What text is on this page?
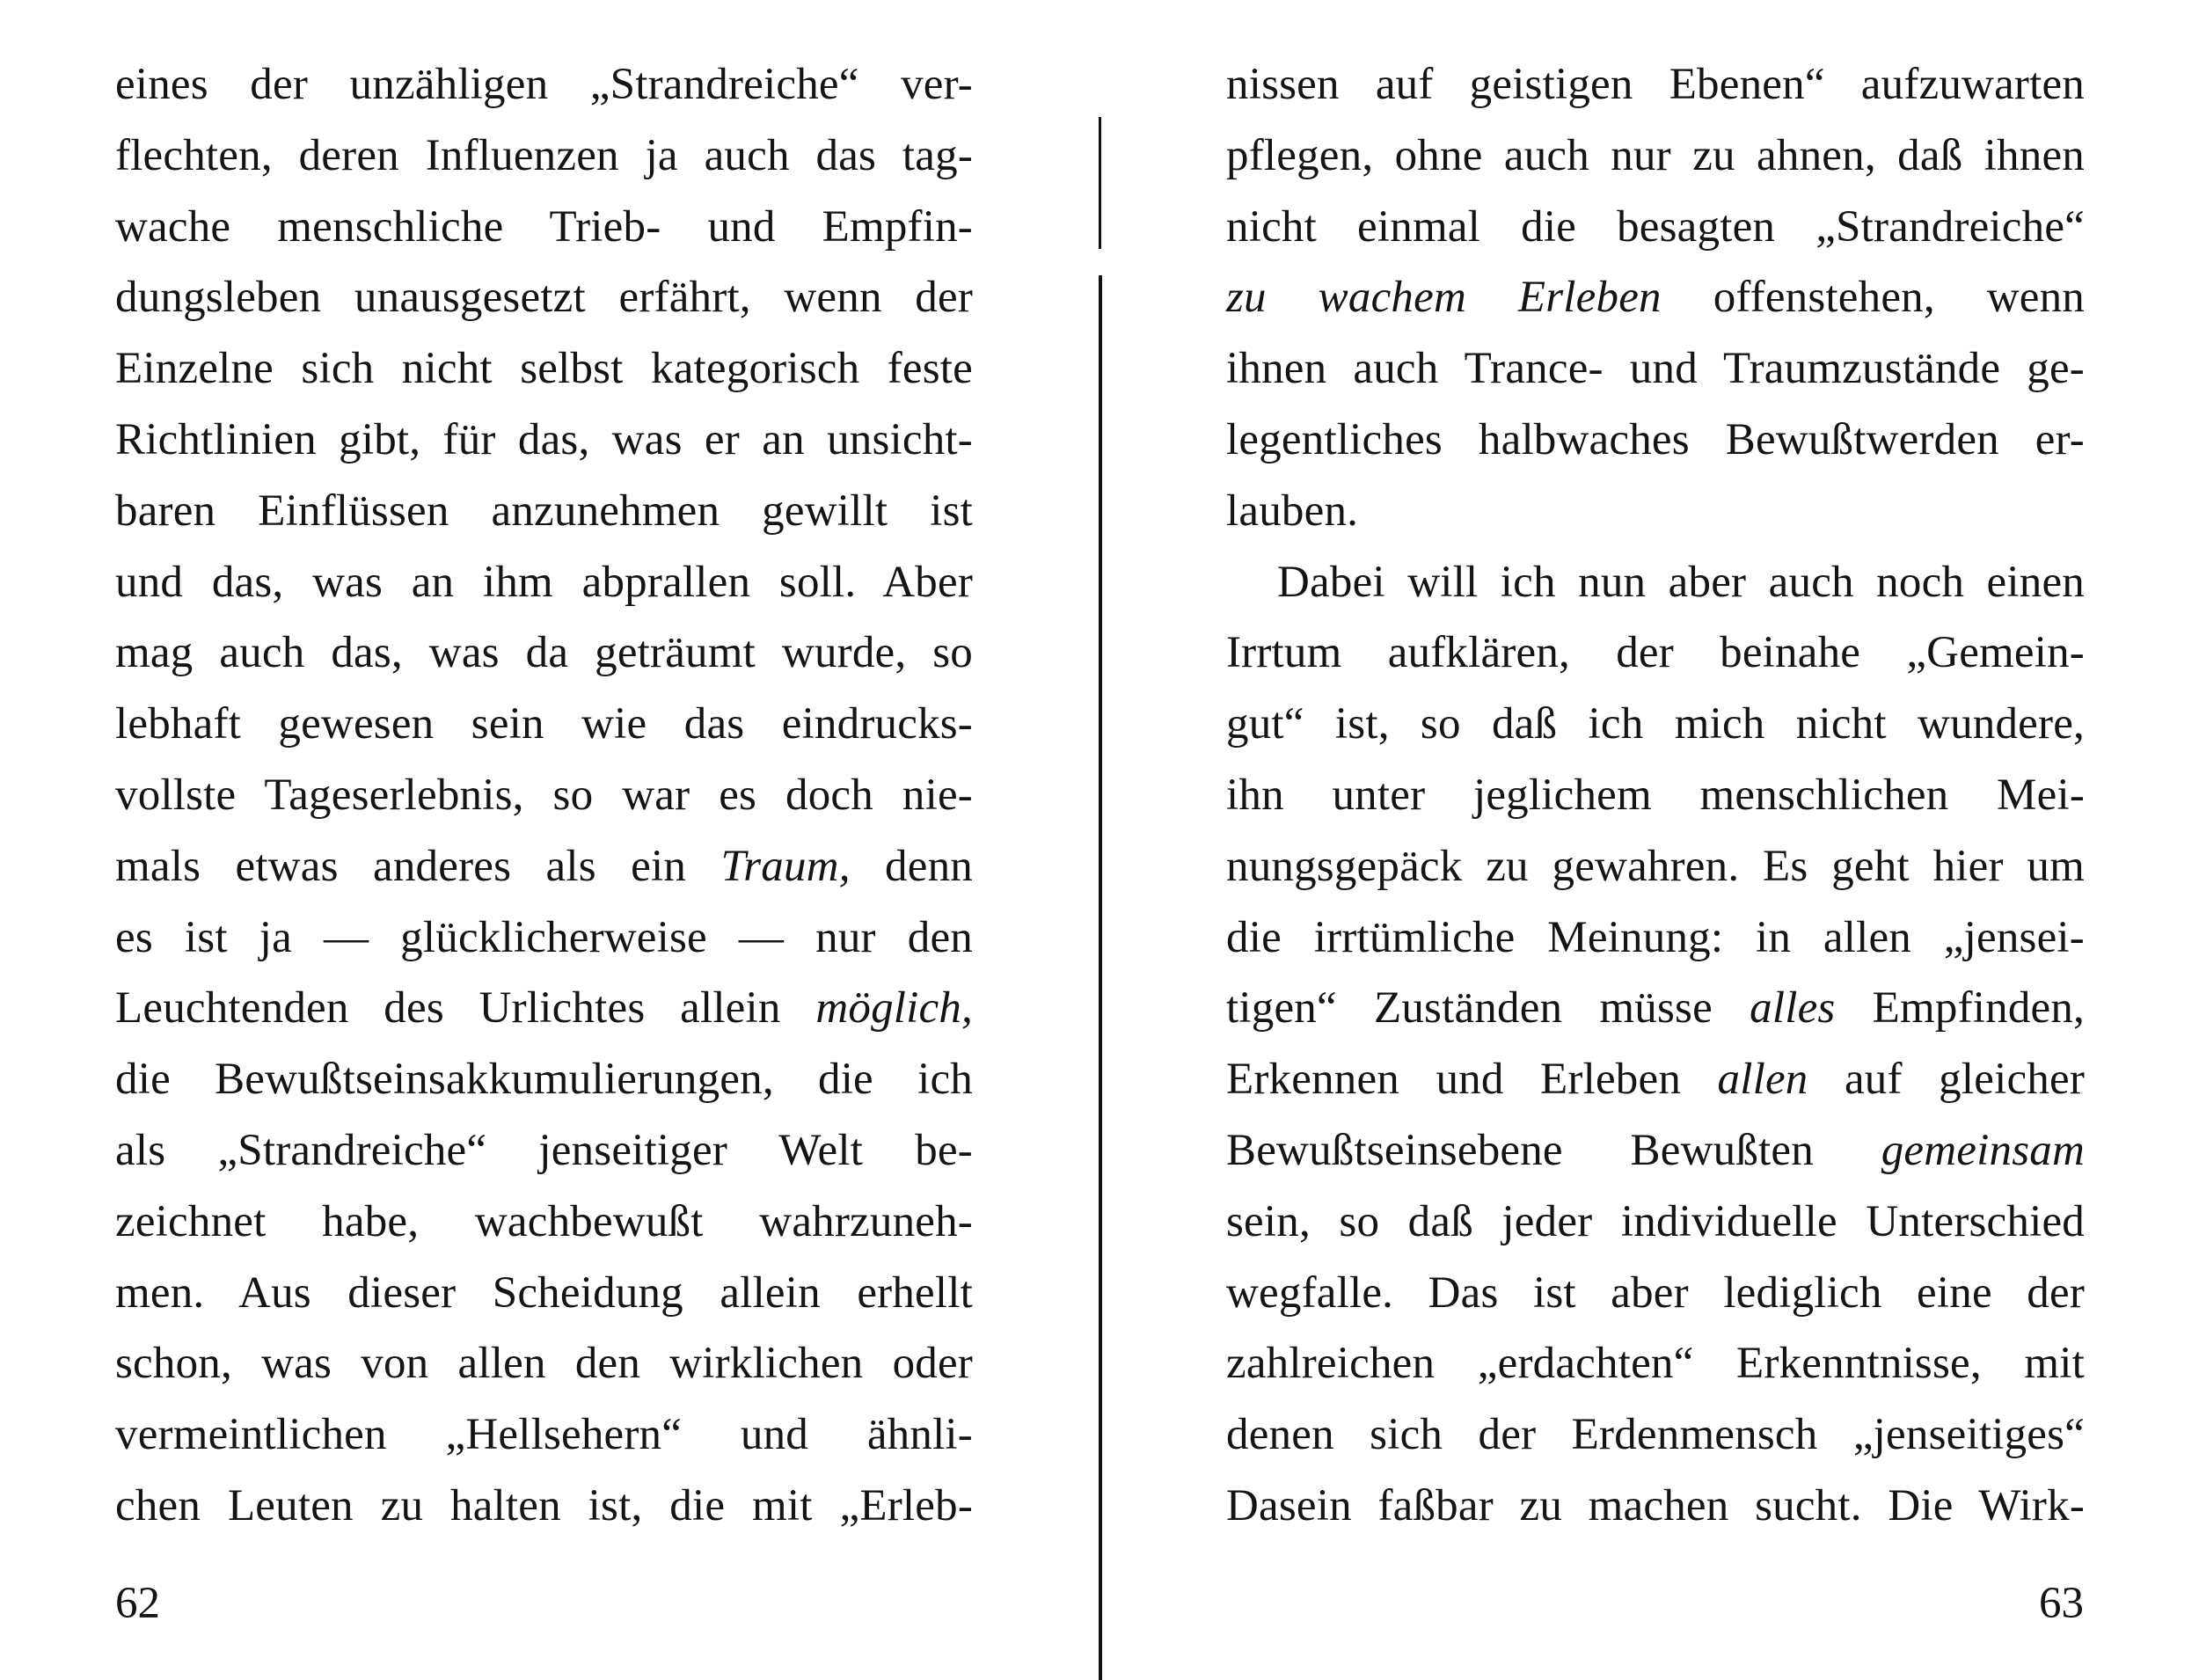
eines der unzähligen „Strandreiche“ ver-
flechten, deren Influenzen ja auch das tag-
wache menschliche Trieb- und Empfin-
dungsleben unausgesetzt erfährt, wenn der
Einzelne sich nicht selbst kategorisch feste
Richtlinien gibt, für das, was er an unsicht-
baren Einflüssen anzunehmen gewillt ist
und das, was an ihm abprallen soll. Aber
mag auch das, was da geträumt wurde, so
lebhaft gewesen sein wie das eindrucks-
vollste Tageserlebnis, so war es doch nie-
mals etwas anderes als ein Traum, denn
es ist ja — glücklicherweise — nur den
Leuchtenden des Urlichtes allein möglich,
die Bewußtseinsakkumulierungen, die ich
als „Strandreiche“ jenseitiger Welt be-
zeichnet habe, wachbewußt wahrzuneh-
men. Aus dieser Scheidung allein erhellt
schon, was von allen den wirklichen oder
vermeintlichen „Hellsehern“ und ähnli-
chen Leuten zu halten ist, die mit „Erleb-
62
nissen auf geistigen Ebenen“ aufzuwarten
pflegen, ohne auch nur zu ahnen, daß ihnen
nicht einmal die besagten „Strandreiche“
zu wachem Erleben offenstehen, wenn
ihnen auch Trance- und Traumzustände ge-
legentliches halbwaches Bewußtwerden er-
lauben.
Dabei will ich nun aber auch noch einen
Irrtum aufklären, der beinahe „Gemein-
gut“ ist, so daß ich mich nicht wundere,
ihn unter jeglichem menschlichen Mei-
nungsgepäck zu gewahren. Es geht hier um
die irrtümliche Meinung: in allen „jensei-
tigen“ Zuständen müsse alles Empfinden,
Erkennen und Erleben allen auf gleicher
Bewußtseinsebene Bewußten gemeinsam
sein, so daß jeder individuelle Unterschied
wegfalle. Das ist aber lediglich eine der
zahlreichen „erdachten“ Erkenntnisse, mit
denen sich der Erdenmensch „jenseitiges“
Dasein faßbar zu machen sucht. Die Wirk-
63
